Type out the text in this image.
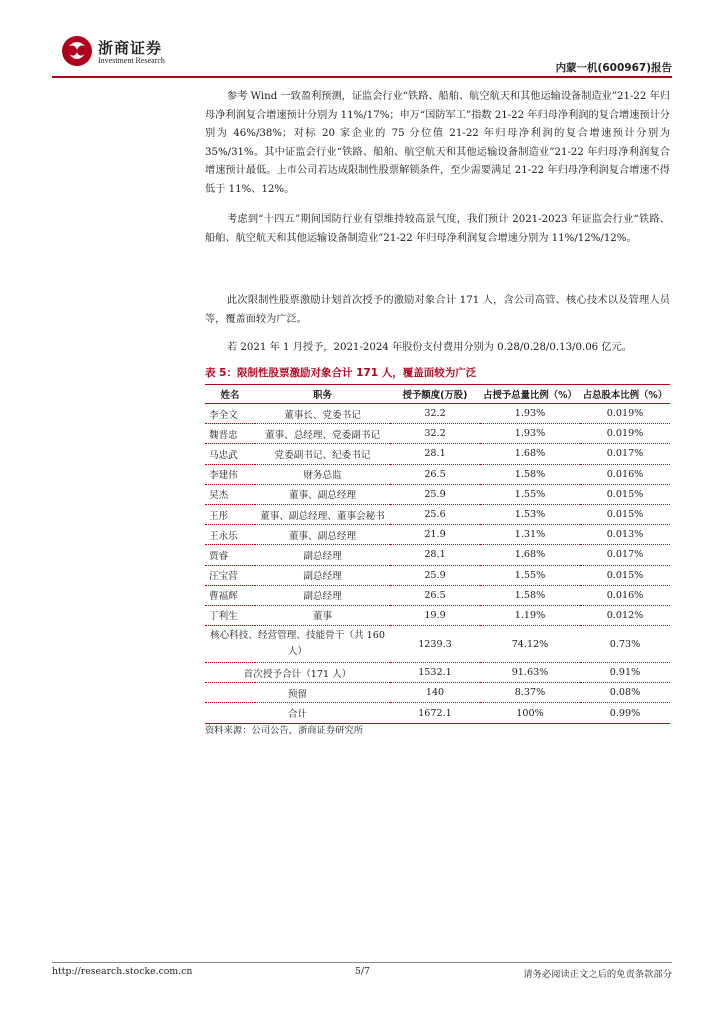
浙商证券
Investment Research
内蒙一机(600967)报告

参考 Wind 一致盈利预测，证监会行业“铁路、船舶、航空航天和其他运输设备制造业”21-22 年归母净利润复合增速预计分别为 11%/17%；申万“国防军工”指数 21-22 年归母净利润的复合增速预计分别为 46%/38%；对标 20 家企业的 75 分位值 21-22 年归母净利润的复合增速预计分别为 35%/31%。其中证监会行业“铁路、船舶、航空航天和其他运输设备制造业”21-22 年归母净利润复合增速预计最低。上市公司若达成限制性股票解锁条件，至少需要满足 21-22 年归母净利润复合增速不得低于 11%、12%。

考虑到“十四五”期间国防行业有望维持较高景气度，我们预计 2021-2023 年证监会行业“铁路、船舶、航空航天和其他运输设备制造业”21-22 年归母净利润复合增速分别为 11%/12%/12%。

此次限制性股票激励计划首次授予的激励对象合计 171 人，含公司高管、核心技术以及管理人员等，覆盖面较为广泛。

若 2021 年 1 月授予，2021-2024 年股份支付费用分别为 0.28/0.28/0.13/0.06 亿元。

表 5：限制性股票激励对象合计 171 人，覆盖面较为广泛
姓名	职务	授予额度(万股)	占授予总量比例（%）	占总股本比例（%）
李全文	董事长、党委书记	32.2	1.93%	0.019%
魏晋忠	董事、总经理、党委副书记	32.2	1.93%	0.019%
马忠武	党委副书记、纪委书记	28.1	1.68%	0.017%
李建伟	财务总监	26.5	1.58%	0.016%
吴杰	董事、副总经理	25.9	1.55%	0.015%
王彤	董事、副总经理、董事会秘书	25.6	1.53%	0.015%
王永乐	董事、副总经理	21.9	1.31%	0.013%
贾睿	副总经理	28.1	1.68%	0.017%
汪宝营	副总经理	25.9	1.55%	0.015%
曹福辉	副总经理	26.5	1.58%	0.016%
丁利生	董事	19.9	1.19%	0.012%
核心科技、经营管理、技能骨干（共 160 人）		1239.3	74.12%	0.73%
首次授予合计（171 人）		1532.1	91.63%	0.91%
预留		140	8.37%	0.08%
合计		1672.1	100%	0.99%
资料来源：公司公告，浙商证券研究所
http://research.stocke.com.cn	5/7	请务必阅读正文之后的免责条款部分
